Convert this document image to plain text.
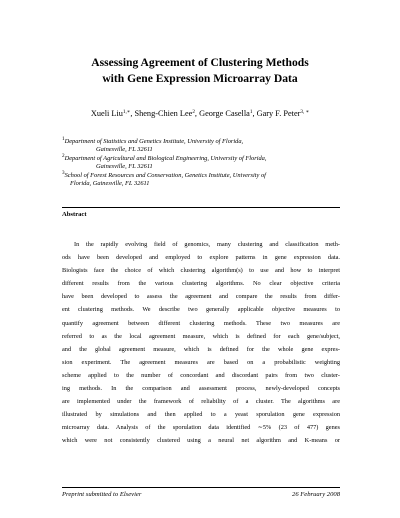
Assessing Agreement of Clustering Methods
with Gene Expression Microarray Data
Xueli Liu$^{1,∗}$, Sheng-Chien Lee$^2$, George Casella$^1$, Gary F. Peter$^{3, ∗}$
$^1$Department of Statistics and Genetics Institute, University of Florida,
Gainesville, FL 32611
$^2$Department of Agricultural and Biological Engineering, University of Florida,
Gainesville, FL 32611
$^3$School of Forest Resources and Conservation, Genetics Institute, University of
Florida, Gainesville, FL 32611
Abstract
In the rapidly evolving field of genomics, many clustering and classification meth-
ods have been developed and employed to explore patterns in gene expression data.
Biologists face the choice of which clustering algorithm(s) to use and how to interpret
different results from the various clustering algorithms. No clear objective criteria
have been developed to assess the agreement and compare the results from differ-
ent clustering methods. We describe two generally applicable objective measures to
quantify agreement between different clustering methods. These two measures are
referred to as the local agreement measure, which is defined for each gene/subject,
and the global agreement measure, which is defined for the whole gene expres-
sion experiment. The agreement measures are based on a probabilistic weighting
scheme applied to the number of concordant and discordant pairs from two cluster-
ing methods. In the comparison and assessment process, newly-developed concepts
are implemented under the framework of reliability of a cluster. The algorithms are
illustrated by simulations and then applied to a yeast sporulation gene expression
microarray data. Analysis of the sporulation data identified ∼5% (23 of 477) genes
which were not consistently clustered using a neural net algorithm and K-means or
Preprint submitted to Elsevier	26 February 2008
